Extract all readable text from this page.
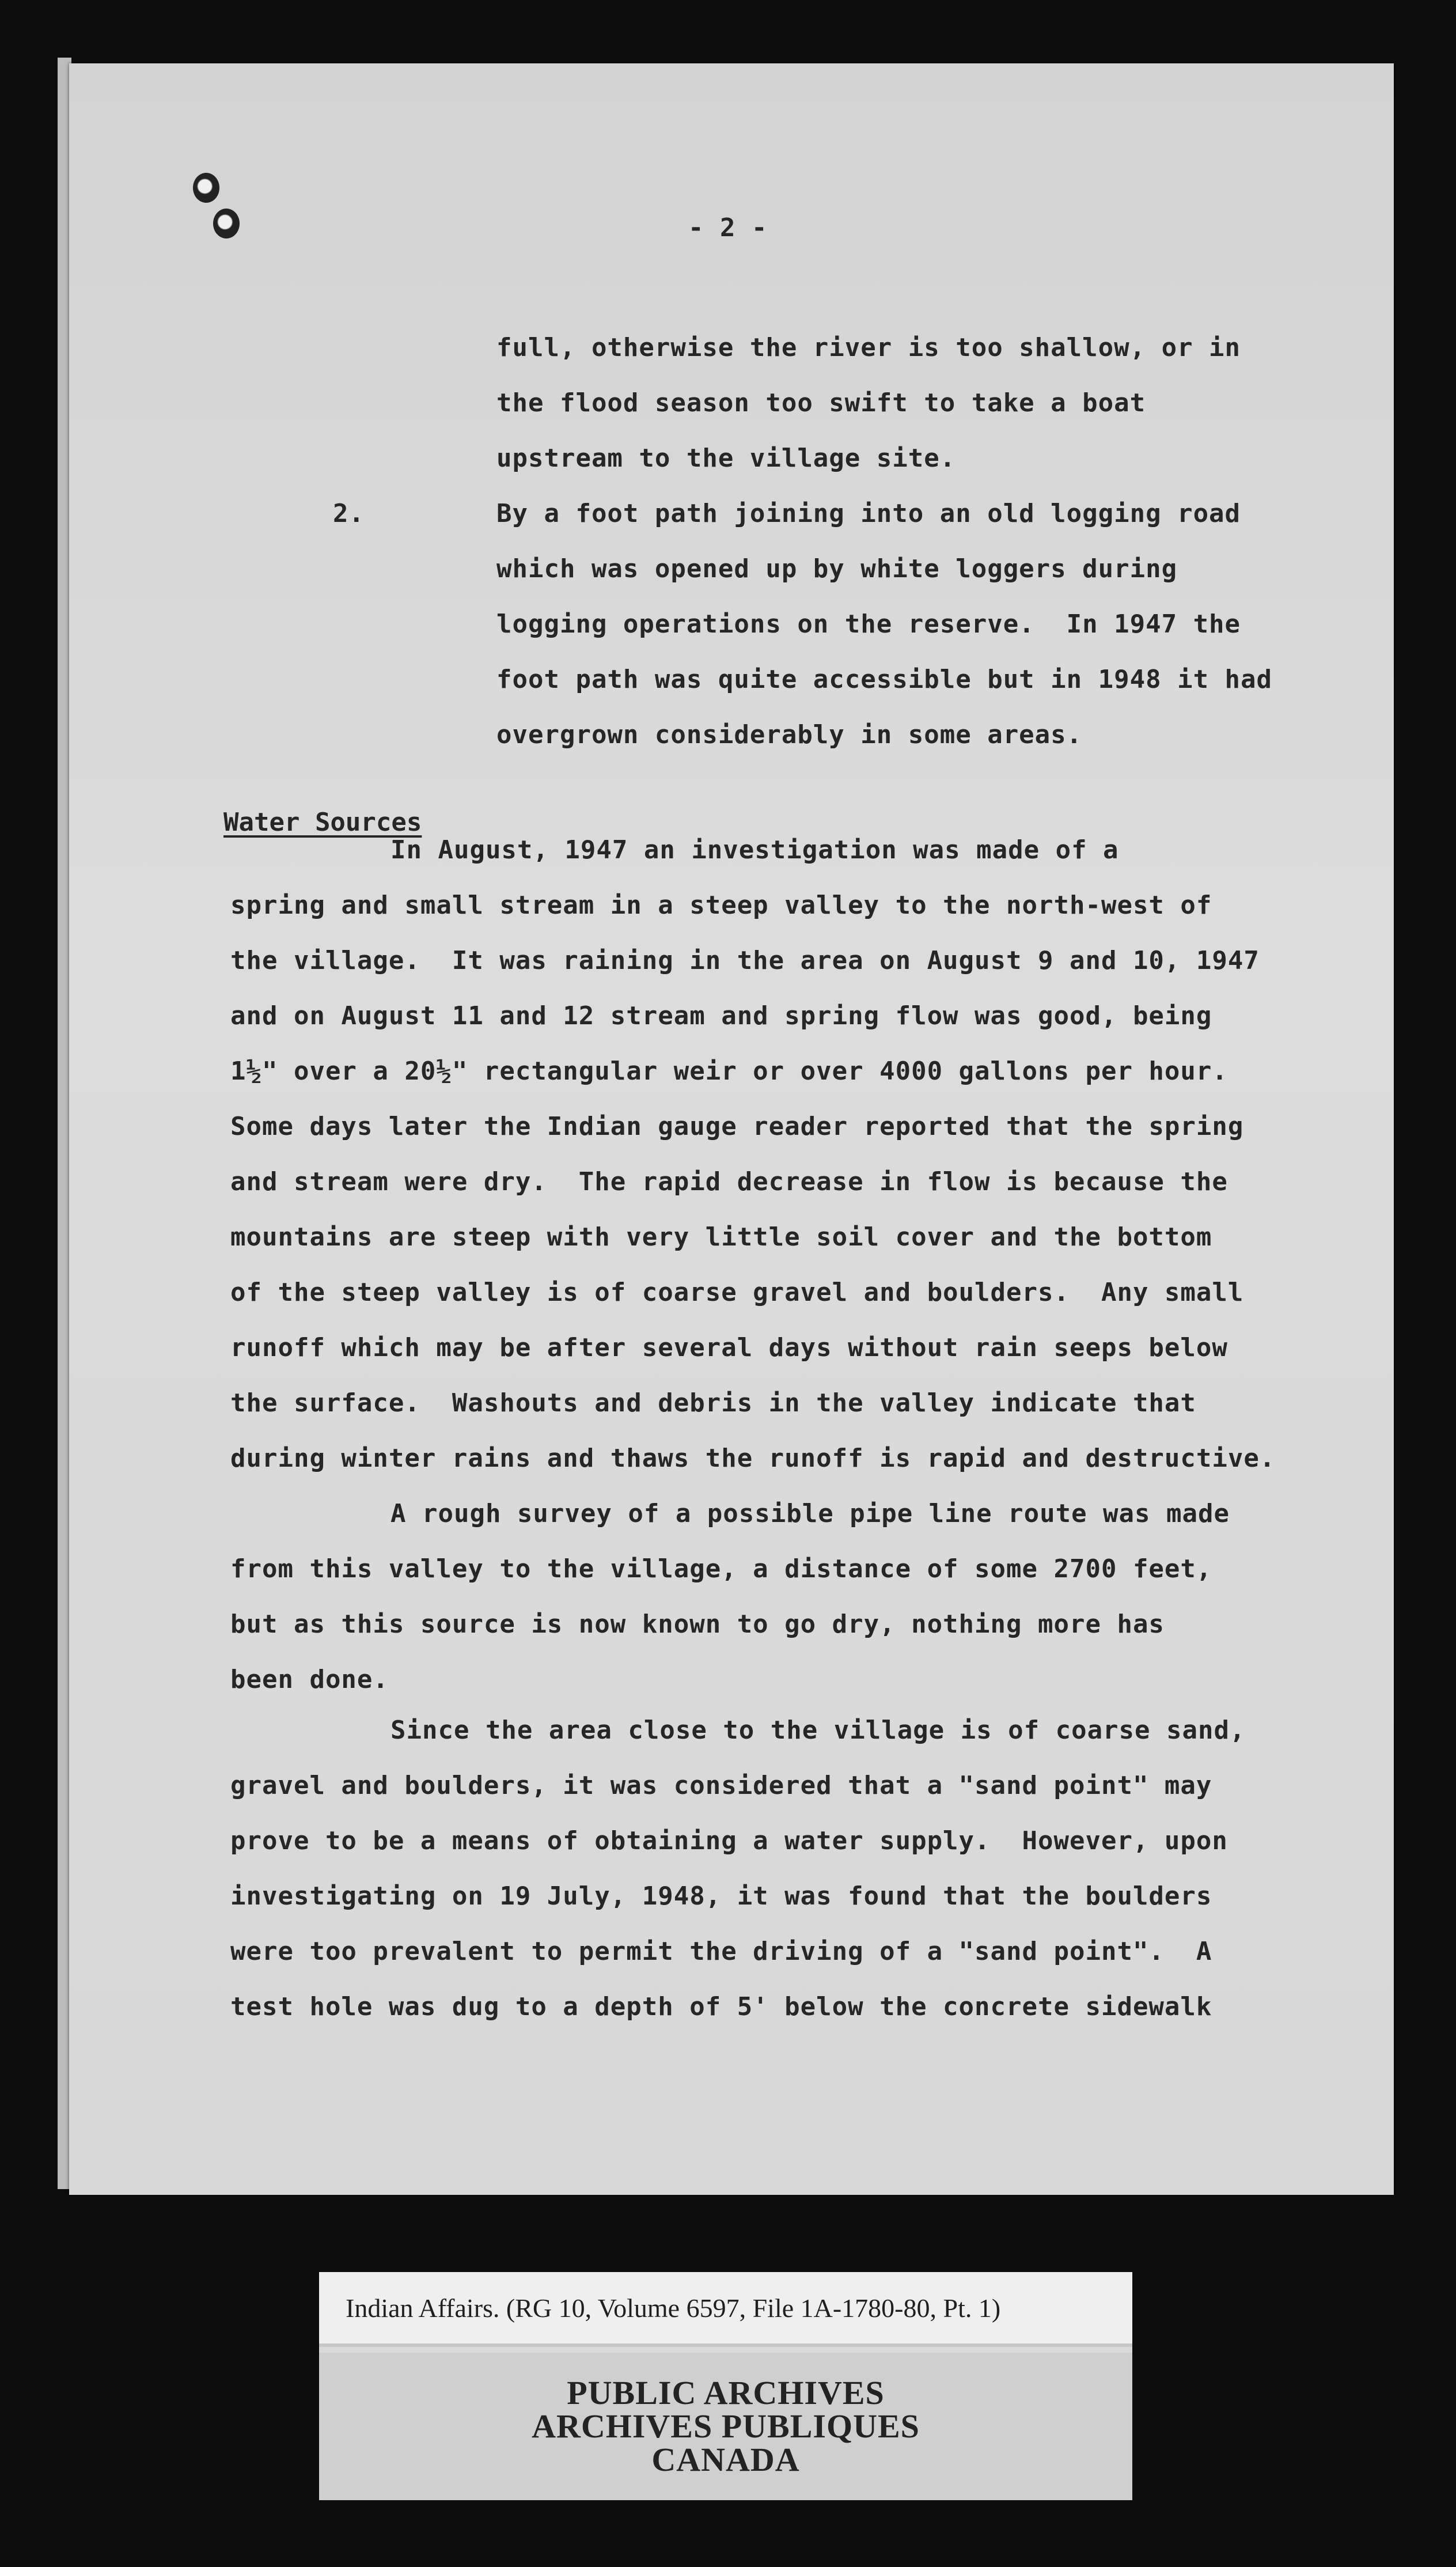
- 2 -

full, otherwise the river is too shallow, or in

the flood season too swift to take a boat

upstream to the village site.

2.	By a foot path joining into an old logging road

which was opened up by white loggers during

logging operations on the reserve.  In 1947 the

foot path was quite accessible but in 1948 it had

overgrown considerably in some areas.

Water Sources

In August, 1947 an investigation was made of a

spring and small stream in a steep valley to the north-west of

the village.  It was raining in the area on August 9 and 10, 1947

and on August 11 and 12 stream and spring flow was good, being

1½" over a 20½" rectangular weir or over 4000 gallons per hour.

Some days later the Indian gauge reader reported that the spring

and stream were dry.  The rapid decrease in flow is because the

mountains are steep with very little soil cover and the bottom

of the steep valley is of coarse gravel and boulders.  Any small

runoff which may be after several days without rain seeps below

the surface.  Washouts and debris in the valley indicate that

during winter rains and thaws the runoff is rapid and destructive.

A rough survey of a possible pipe line route was made

from this valley to the village, a distance of some 2700 feet,

but as this source is now known to go dry, nothing more has

been done.

Since the area close to the village is of coarse sand,

gravel and boulders, it was considered that a "sand point" may

prove to be a means of obtaining a water supply.  However, upon

investigating on 19 July, 1948, it was found that the boulders

were too prevalent to permit the driving of a "sand point".  A

test hole was dug to a depth of 5' below the concrete sidewalk

Indian Affairs. (RG 10, Volume 6597, File 1A-1780-80, Pt. 1)
PUBLIC ARCHIVES
ARCHIVES PUBLIQUES
CANADA
